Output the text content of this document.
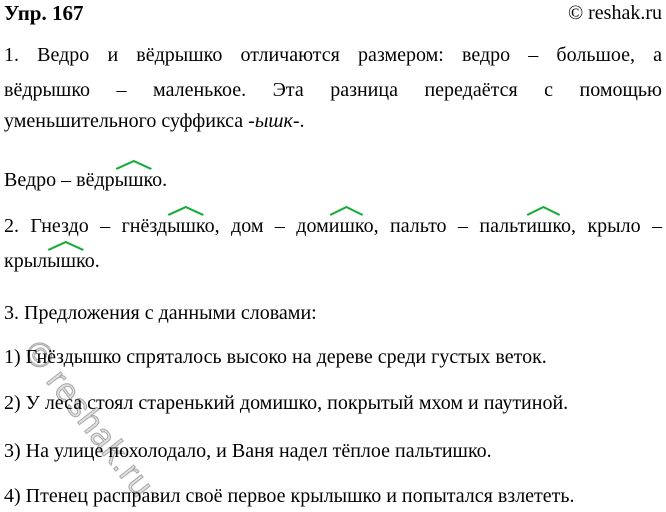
Упр. 167	© reshak.ru
1. Ведро и вёдрышко отличаются размером: ведро – большое, а
вёдрышко – маленькое. Эта разница передаётся с помощью
уменьшительного суффикса -ышк-.
Ведро – вёдр
ышко.
2. Гнездо – гнёзд
ышко, дом – дом
ишко, пальто – пальт
ишко, крыло –
крыл
ышко.
3. Предложения с данными словами:
1) Гнёздышко спряталось высоко на дереве среди густых веток.
2) У леса стоял старенький домишко, покрытый мхом и паутиной.
3) На улице похолодало, и Ваня надел тёплое пальтишко.
4) Птенец расправил своё первое крылышко и попытался взлететь.
© reshak.ru
